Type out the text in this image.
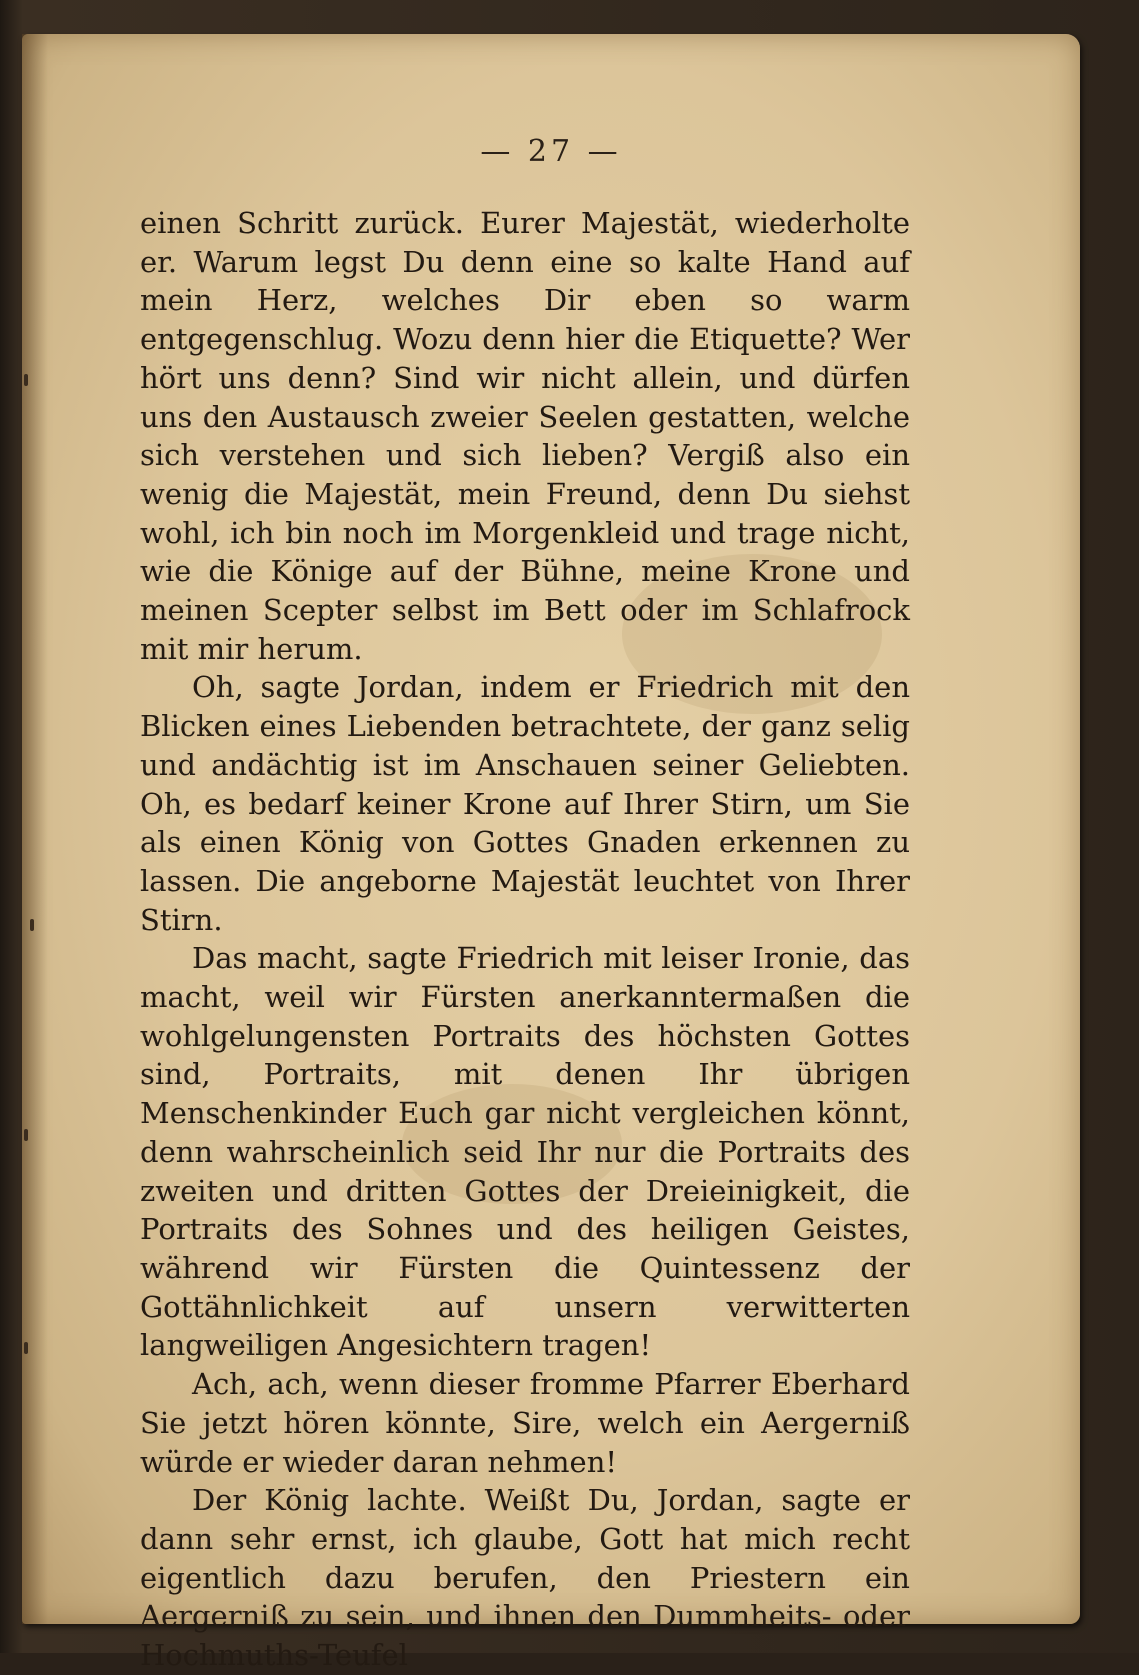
— 27 —

einen Schritt zurück. Eurer Majestät, wiederholte er. Warum legst Du denn eine so kalte Hand auf mein Herz, welches Dir eben so warm entgegenschlug. Wozu denn hier die Etiquette? Wer hört uns denn? Sind wir nicht allein, und dürfen uns den Austausch zweier Seelen gestatten, welche sich verstehen und sich lieben? Vergiß also ein wenig die Majestät, mein Freund, denn Du siehst wohl, ich bin noch im Morgenkleid und trage nicht, wie die Könige auf der Bühne, meine Krone und meinen Scepter selbst im Bett oder im Schlafrock mit mir herum.

Oh, sagte Jordan, indem er Friedrich mit den Blicken eines Liebenden betrachtete, der ganz selig und andächtig ist im Anschauen seiner Geliebten. Oh, es bedarf keiner Krone auf Ihrer Stirn, um Sie als einen König von Gottes Gnaden erkennen zu lassen. Die angeborne Majestät leuchtet von Ihrer Stirn.

Das macht, sagte Friedrich mit leiser Ironie, das macht, weil wir Fürsten anerkanntermaßen die wohlgelungensten Portraits des höchsten Gottes sind, Portraits, mit denen Ihr übrigen Menschenkinder Euch gar nicht vergleichen könnt, denn wahrscheinlich seid Ihr nur die Portraits des zweiten und dritten Gottes der Dreieinigkeit, die Portraits des Sohnes und des heiligen Geistes, während wir Fürsten die Quintessenz der Gottähnlichkeit auf unsern verwitterten langweiligen Angesichtern tragen!

Ach, ach, wenn dieser fromme Pfarrer Eberhard Sie jetzt hören könnte, Sire, welch ein Aergerniß würde er wieder daran nehmen!

Der König lachte. Weißt Du, Jordan, sagte er dann sehr ernst, ich glaube, Gott hat mich recht eigentlich dazu berufen, den Priestern ein Aergerniß zu sein, und ihnen den Dummheits- oder Hochmuths-Teufel
